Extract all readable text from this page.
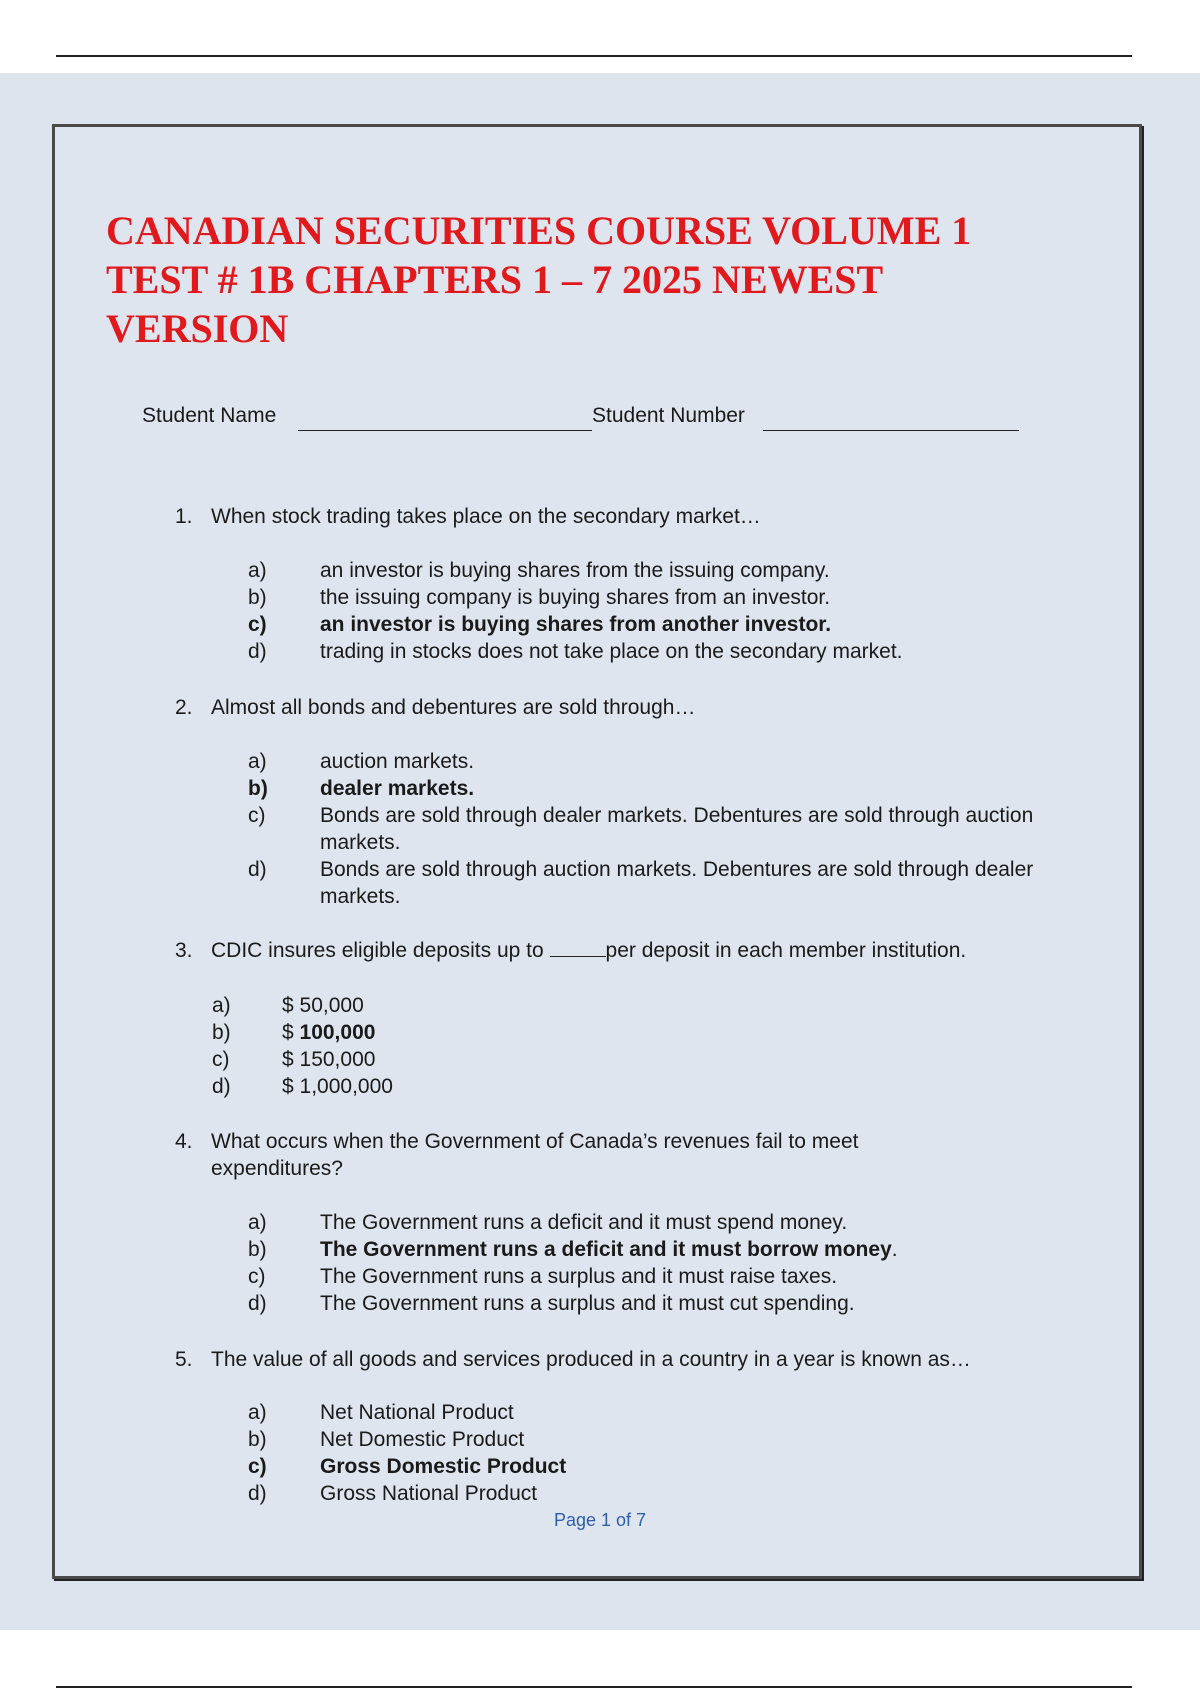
CANADIAN SECURITIES COURSE VOLUME 1
TEST # 1B CHAPTERS 1 – 7 2025 NEWEST
VERSION
Student Name	Student Number
1. When stock trading takes place on the secondary market…
a)	an investor is buying shares from the issuing company.
b)	the issuing company is buying shares from an investor.
c)	an investor is buying shares from another investor.
d)	trading in stocks does not take place on the secondary market.
2. Almost all bonds and debentures are sold through…
a)	auction markets.
b) dealer markets.
c)	Bonds are sold through dealer markets. Debentures are sold through auction markets.
d)	Bonds are sold through auction markets. Debentures are sold through dealer markets.
3. CDIC insures eligible deposits up to	per deposit in each member institution.
a) $ 50,000
b) $ 100,000
c)	$ 150,000
d) $ 1,000,000
4. What occurs when the Government of Canada’s revenues fail to meet expenditures?
a)	The Government runs a deficit and it must spend money.
b)	The Government runs a deficit and it must borrow money.
c)	The Government runs a surplus and it must raise taxes.
d)	The Government runs a surplus and it must cut spending.
5. The value of all goods and services produced in a country in a year is known as…
a)	Net National Product
b)	Net Domestic Product
c)	Gross Domestic Product
d)	Gross National Product
Page 1 of 7
